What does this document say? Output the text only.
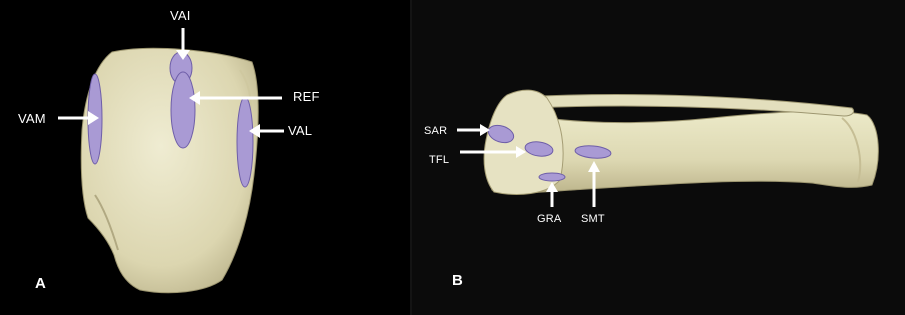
VAI
REF
VAM
VAL
A
SAR
TFL
GRA SMT
B
